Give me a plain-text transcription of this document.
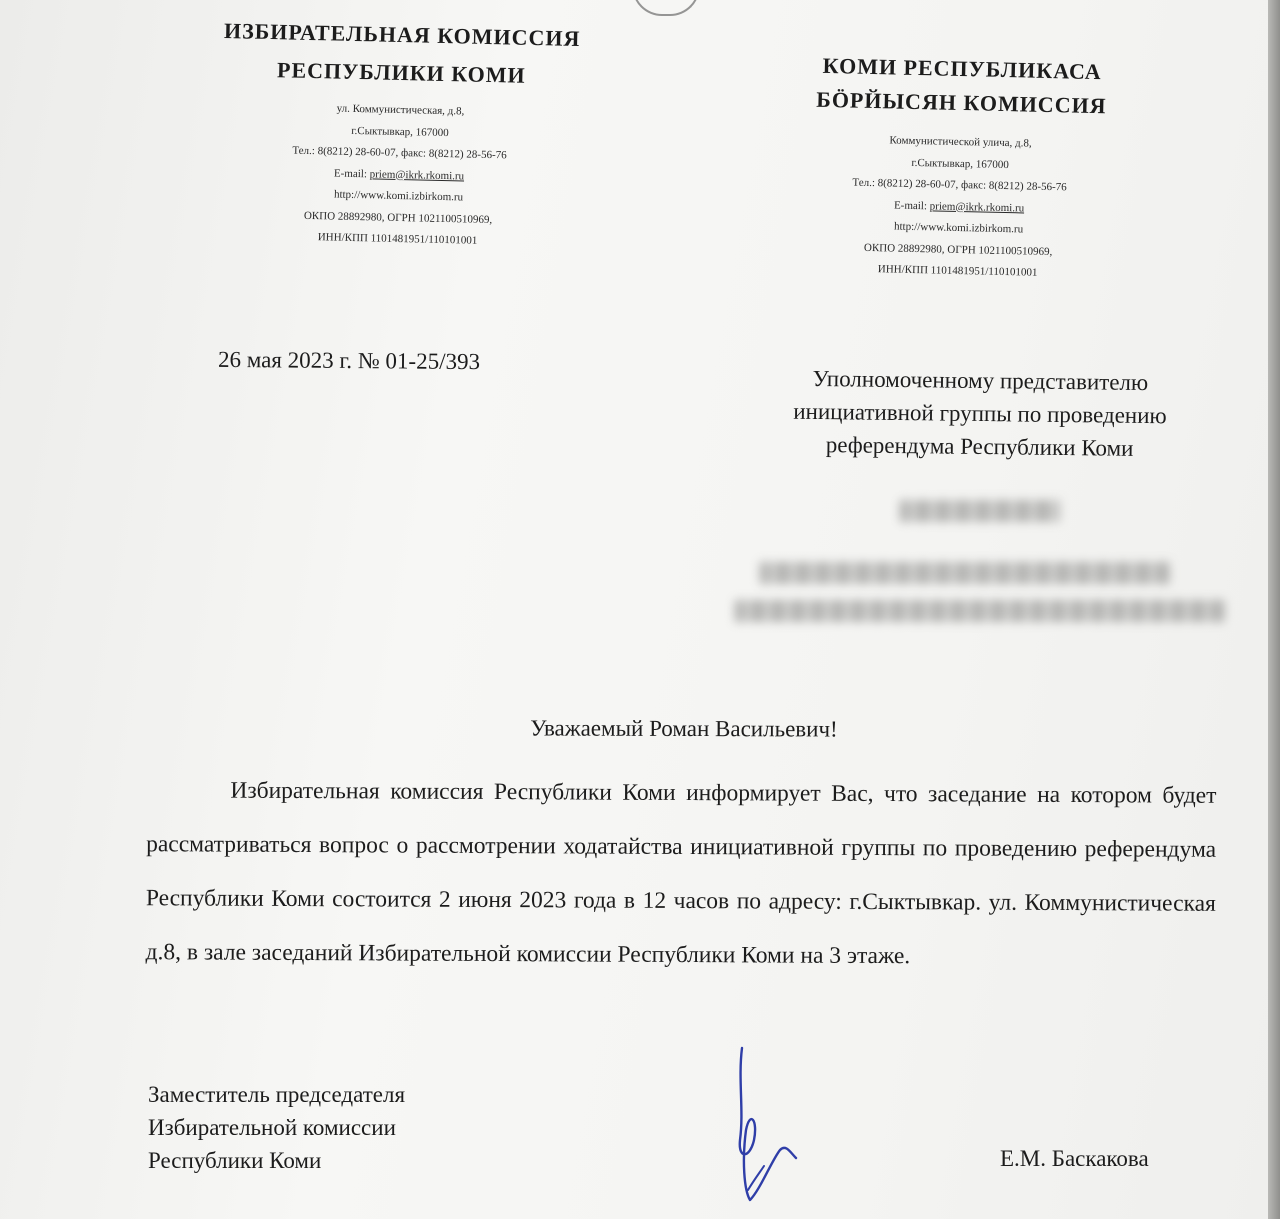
ИЗБИРАТЕЛЬНАЯ КОМИССИЯ
РЕСПУБЛИКИ КОМИ
ул. Коммунистическая, д.8,
г.Сыктывкар, 167000
Тел.: 8(8212) 28-60-07, факс: 8(8212) 28-56-76
E-mail: priem@ikrk.rkomi.ru
http://www.komi.izbirkom.ru
ОКПО 28892980, ОГРН 1021100510969,
ИНН/КПП 1101481951/110101001
КОМИ РЕСПУБЛИКАСА
БÖРЙЫСЯН КОМИССИЯ
Коммунистической улича, д.8,
г.Сыктывкар, 167000
Тел.: 8(8212) 28-60-07, факс: 8(8212) 28-56-76
E-mail: priem@ikrk.rkomi.ru
http://www.komi.izbirkom.ru
ОКПО 28892980, ОГРН 1021100510969,
ИНН/КПП 1101481951/110101001
26 мая 2023 г. № 01-25/393
Уполномоченному представителю
инициативной группы по проведению
референдума Республики Коми
Уважаемый Роман Васильевич!
Избирательная комиссия Республики Коми информирует Вас, что заседание на котором будет рассматриваться вопрос о рассмотрении ходатайства инициативной группы по проведению референдума Республики Коми состоится 2 июня 2023 года в 12 часов по адресу: г.Сыктывкар. ул. Коммунистическая д.8, в зале заседаний Избирательной комиссии Республики Коми на 3 этаже.
Заместитель председателя
Избирательной комиссии
Республики Коми	Е.М. Баскакова
